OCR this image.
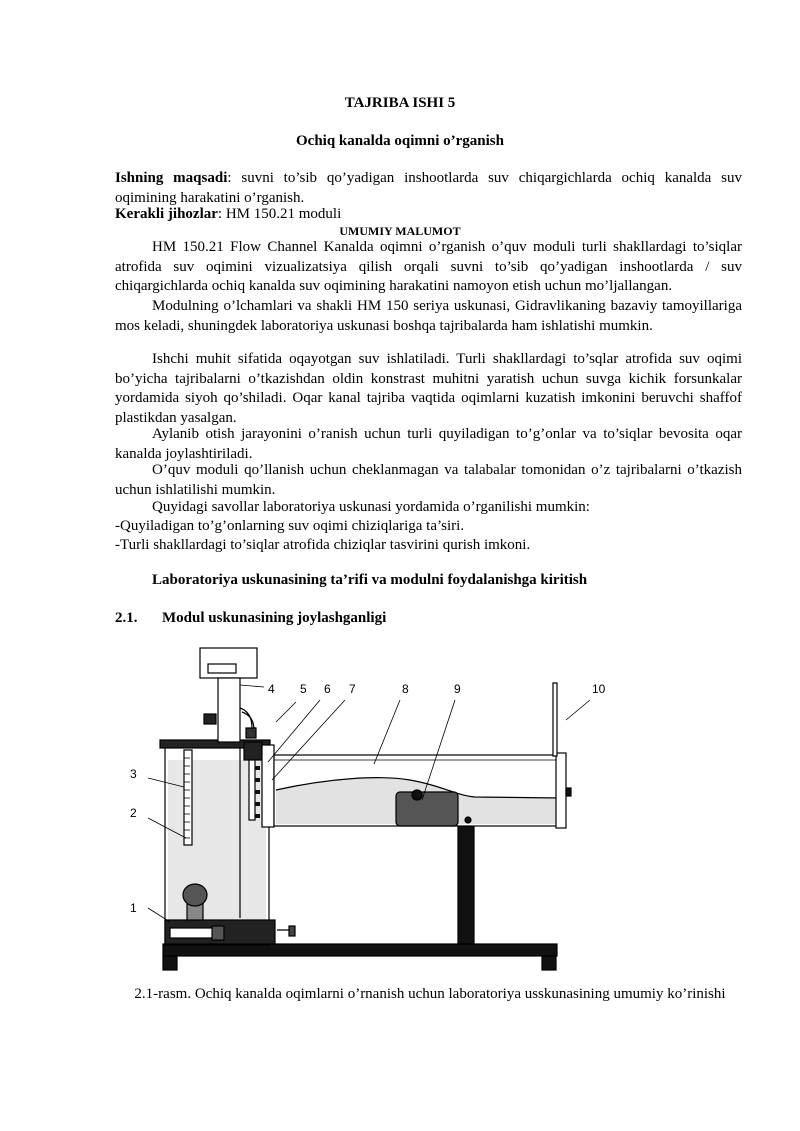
TAJRIBA ISHI 5
Ochiq kanalda oqimni o’rganish
Ishning maqsadi: suvni to’sib qo’yadigan inshootlarda suv chiqargichlarda ochiq kanalda suv oqimining harakatini o’rganish.
Kerakli jihozlar: HM 150.21 moduli
UMUMIY MALUMOT
HM 150.21 Flow Channel Kanalda oqimni o’rganish o’quv moduli turli shakllardagi to’siqlar atrofida suv oqimini vizualizatsiya qilish orqali suvni to’sib qo’yadigan inshootlarda / suv chiqargichlarda ochiq kanalda suv oqimining harakatini namoyon etish uchun mo’ljallangan.
Modulning o’lchamlari va shakli HM 150 seriya uskunasi, Gidravlikaning bazaviy tamoyillariga mos keladi, shuningdek laboratoriya uskunasi boshqa tajribalarda ham ishlatishi mumkin.
Ishchi muhit sifatida oqayotgan suv ishlatiladi. Turli shakllardagi to’sqlar atrofida suv oqimi bo’yicha tajribalarni o’tkazishdan oldin konstrast muhitni yaratish uchun suvga kichik forsunkalar yordamida siyoh qo’shiladi. Oqar kanal tajriba vaqtida oqimlarni kuzatish imkonini beruvchi shaffof plastikdan yasalgan.
Aylanib otish jarayonini o’ranish uchun turli quyiladigan to’g’onlar va to’siqlar bevosita oqar kanalda joylashtiriladi.
O’quv moduli qo’llanish uchun cheklanmagan va talabalar tomonidan o’z tajribalarni o’tkazish uchun ishlatilishi mumkin.
Quyidagi savollar laboratoriya uskunasi yordamida o’rganilishi mumkin:
-Quyiladigan to’g’onlarning suv oqimi chiziqlariga ta’siri.
-Turli shakllardagi to’siqlar atrofida chiziqlar tasvirini qurish imkoni.
Laboratoriya uskunasining ta’rifi va modulni foydalanishga kiritish
2.1. Modul uskunasining joylashganligi
1
2
3
4 5 6 7	8	9	10
2.1-rasm. Ochiq kanalda oqimlarni o’rnanish uchun laboratoriya usskunasining umumiy ko’rinishi
